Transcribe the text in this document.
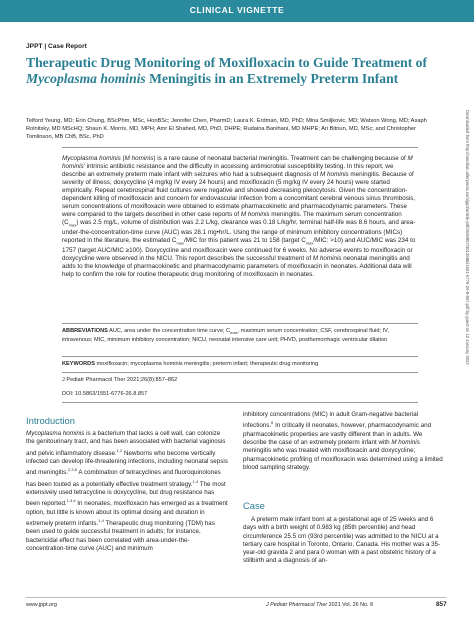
CLINICAL VIGNETTE
JPPT | Case Report
Therapeutic Drug Monitoring of Moxifloxacin to Guide Treatment of Mycoplasma hominis Meningitis in an Extremely Preterm Infant

Telford Yeung, MD; Erin Chung, BScPhm, MSc, HonBSc; Jennifer Chen, PharmD; Laura K. Erdman, MD, PhD; Mina Smiljkovic, MD; Watson Wong, MD; Asaph Rolnitsky, MD MScHQ; Shaun K. Morris, MD, MPH; Amr El Shahed, MD, PhD, DHPE; Rudaina Banihani, MD MHPE; Ari Bitnun, MD, MSc; and Christopher Tomlinson, MB ChB, BSc, PhD

Mycoplasma hominis (M hominis) is a rare cause of neonatal bacterial meningitis. Treatment can be challenging because of M hominis' intrinsic antibiotic resistance and the difficulty in accessing antimicrobial susceptibility testing. In this report, we describe an extremely preterm male infant with seizures who had a subsequent diagnosis of M hominis meningitis. Because of severity of illness, doxycycline (4 mg/kg IV every 24 hours) and moxifloxacin (5 mg/kg IV every 24 hours) were started empirically. Repeat cerebrospinal fluid cultures were negative and showed decreasing pleiocytosis. Given the concentration-dependent killing of moxifloxacin and concern for endovascular infection from a concomitant cerebral venous sinus thrombosis, serum concentrations of moxifloxacin were obtained to estimate pharmacokinetic and pharmacodynamic parameters. These were compared to the targets described in other case reports of M hominis meningitis. The maximum serum concentration $(C_{max})$ was 2.5 mg/L, volume of distribution was 2.2 L/kg, clearance was 0.18 L/kg/hr, terminal half-life was 8.6 hours, and area-under-the-concentration-time curve (AUC) was 28.1 mg•hr/L. Using the range of minimum inhibitory concentrations (MICs) reported in the literature, the estimated $C_{max}$/MIC for this patient was 21 to 158 (target $C_{max}$/MIC: >10) and AUC/MIC was 234 to 1757 (target AUC/MIC ≥100). Doxycycline and moxifloxacin were continued for 6 weeks. No adverse events to moxifloxacin or doxycycline were observed in the NICU. This report describes the successful treatment of M hominis neonatal meningitis and adds to the knowledge of pharmacokinetic and pharmacodynamic parameters of moxifloxacin in neonates. Additional data will help to confirm the role for routine therapeutic drug monitoring of moxifloxacin in neonates.

ABBREVIATIONS AUC, area under the concentration time curve; $C_{max}$, maximum serum concentration; CSF, cerebrospinal fluid; IV, intravenous; MIC, minimum inhibitory concentration; NICU, neonatal intensive care unit; PHVD, posthemorrhagic ventricular dilation

KEYWORDS moxifloxacin; mycoplasma hominis meningitis; preterm infant; therapeutic drug monitoring

J Pediatr Pharmacol Ther 2021;26(8):857–862
DOI: 10.5863/1551-6776-26.8.857
Downloaded from http://meridian.allenpress.com/jppt/article-pdf/26/8/857/3013680/i1551-6776-26-8-857.pdf by guest on 12 January 2024
Introduction

Mycoplasma hominis is a bacterium that lacks a cell wall, can colonize the genitourinary tract, and has been associated with bacterial vaginosis and pelvic inflammatory disease.$^{1,2}$ Newborns who become vertically infected can develop life-threatening infections, including neonatal sepsis and meningitis.$^{2,3,5}$ A combination of tetracyclines and fluoroquinolones has been touted as a potentially effective treatment strategy.$^{1,4}$ The most extensively used tetracycline is doxycycline, but drug resistance has been reported.$^{1,3,4}$ In neonates, moxifloxacin has emerged as a treatment option, but little is known about its optimal dosing and duration in extremely preterm infants.$^{1,4}$ Therapeutic drug monitoring (TDM) has been used to guide successful treatment in adults; for instance, bactericidal effect has been correlated with area-under-the-concentration-time curve (AUC) and minimum

inhibitory concentrations (MIC) in adult Gram-negative bacterial infections.$^6$ In critically ill neonates, however, pharmacodynamic and pharmacokinetic properties are vastly different than in adults. We describe the case of an extremely preterm infant with M hominis meningitis who was treated with moxifloxacin and doxycycline; pharmacokinetic profiling of moxifloxacin was determined using a limited blood sampling strategy.

Case

A preterm male infant born at a gestational age of 25 weeks and 6 days with a birth weight of 0.983 kg (85th percentile) and head circumference 25.5 cm (93rd percentile) was admitted to the NICU at a tertiary care hospital in Toronto, Ontario, Canada. His mother was a 35-year-old gravida 2 and para 0 woman with a past obstetric history of a stillbirth and a diagnosis of an-

www.jppt.org	J Pediatr Pharmacol Ther 2021 Vol. 26 No. 8	857
